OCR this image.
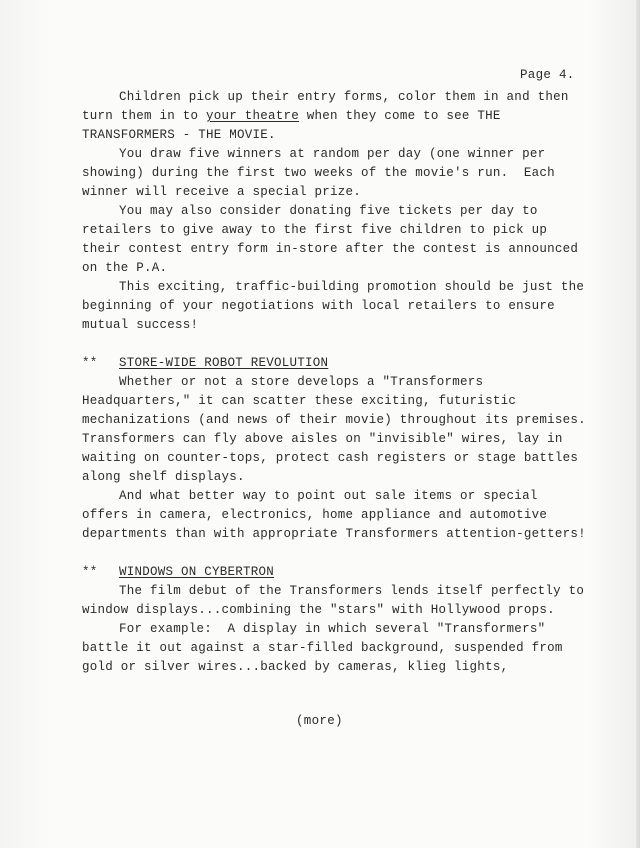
Page 4.
Children pick up their entry forms, color them in and then
turn them in to your theatre when they come to see THE
TRANSFORMERS - THE MOVIE.
You draw five winners at random per day (one winner per
showing) during the first two weeks of the movie's run.  Each
winner will receive a special prize.
You may also consider donating five tickets per day to
retailers to give away to the first five children to pick up
their contest entry form in-store after the contest is announced
on the P.A.
This exciting, traffic-building promotion should be just the
beginning of your negotiations with local retailers to ensure
mutual success!
** STORE-WIDE ROBOT REVOLUTION
Whether or not a store develops a "Transformers
Headquarters," it can scatter these exciting, futuristic
mechanizations (and news of their movie) throughout its premises.
Transformers can fly above aisles on "invisible" wires, lay in
waiting on counter-tops, protect cash registers or stage battles
along shelf displays.
And what better way to point out sale items or special
offers in camera, electronics, home appliance and automotive
departments than with appropriate Transformers attention-getters!
** WINDOWS ON CYBERTRON
The film debut of the Transformers lends itself perfectly to
window displays...combining the "stars" with Hollywood props.
For example:  A display in which several "Transformers"
battle it out against a star-filled background, suspended from
gold or silver wires...backed by cameras, klieg lights,
(more)
